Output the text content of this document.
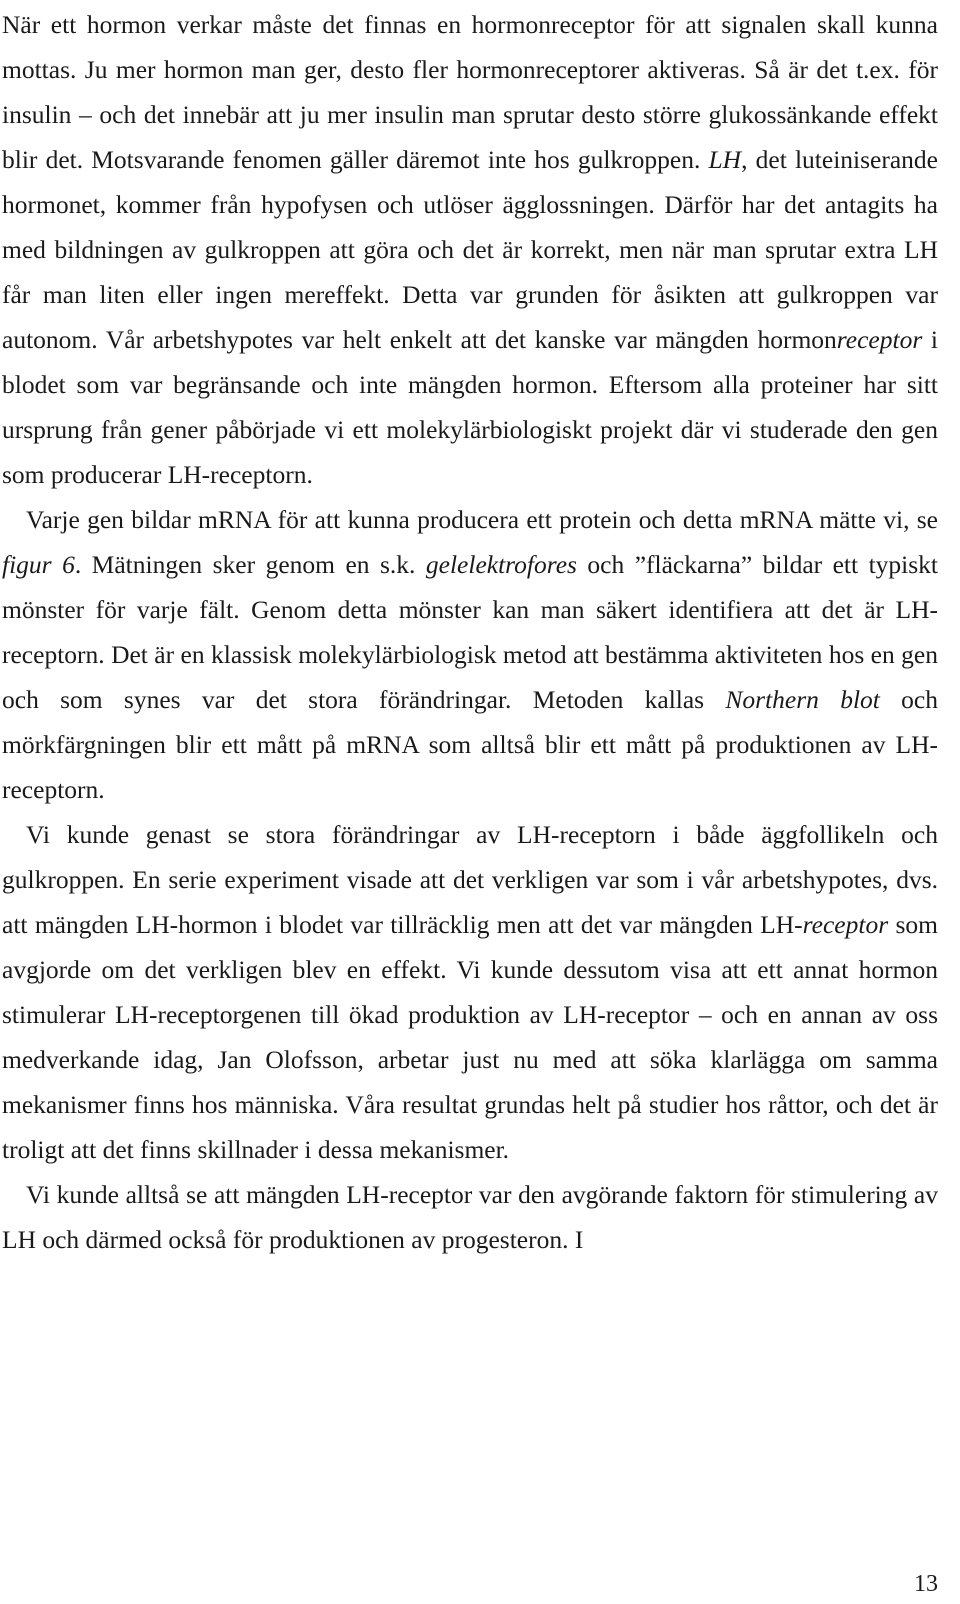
När ett hormon verkar måste det finnas en hormonreceptor för att signalen skall kunna mottas. Ju mer hormon man ger, desto fler hormonreceptorer aktiveras. Så är det t.ex. för insulin – och det innebär att ju mer insulin man sprutar desto större glukossänkande effekt blir det. Motsvarande fenomen gäller däremot inte hos gulkroppen. LH, det luteiniserande hormonet, kommer från hypofysen och utlöser ägglossningen. Därför har det antagits ha med bildningen av gulkroppen att göra och det är korrekt, men när man sprutar extra LH får man liten eller ingen mereffekt. Detta var grunden för åsikten att gulkroppen var autonom. Vår arbetshypotes var helt enkelt att det kanske var mängden hormonreceptor i blodet som var begränsande och inte mängden hormon. Eftersom alla proteiner har sitt ursprung från gener påbörjade vi ett molekylärbiologiskt projekt där vi studerade den gen som producerar LH-receptorn.

Varje gen bildar mRNA för att kunna producera ett protein och detta mRNA mätte vi, se figur 6. Mätningen sker genom en s.k. gelelektrofores och ”fläckarna” bildar ett typiskt mönster för varje fält. Genom detta mönster kan man säkert identifiera att det är LH-receptorn. Det är en klassisk molekylärbiologisk metod att bestämma aktiviteten hos en gen och som synes var det stora förändringar. Metoden kallas Northern blot och mörkfärgningen blir ett mått på mRNA som alltså blir ett mått på produktionen av LH-receptorn.

Vi kunde genast se stora förändringar av LH-receptorn i både äggfollikeln och gulkroppen. En serie experiment visade att det verkligen var som i vår arbetshypotes, dvs. att mängden LH-hormon i blodet var tillräcklig men att det var mängden LH-receptor som avgjorde om det verkligen blev en effekt. Vi kunde dessutom visa att ett annat hormon stimulerar LH-receptorgenen till ökad produktion av LH-receptor – och en annan av oss medverkande idag, Jan Olofsson, arbetar just nu med att söka klarlägga om samma mekanismer finns hos människa. Våra resultat grundas helt på studier hos råttor, och det är troligt att det finns skillnader i dessa mekanismer.

Vi kunde alltså se att mängden LH-receptor var den avgörande faktorn för stimulering av LH och därmed också för produktionen av progesteron. I

13
